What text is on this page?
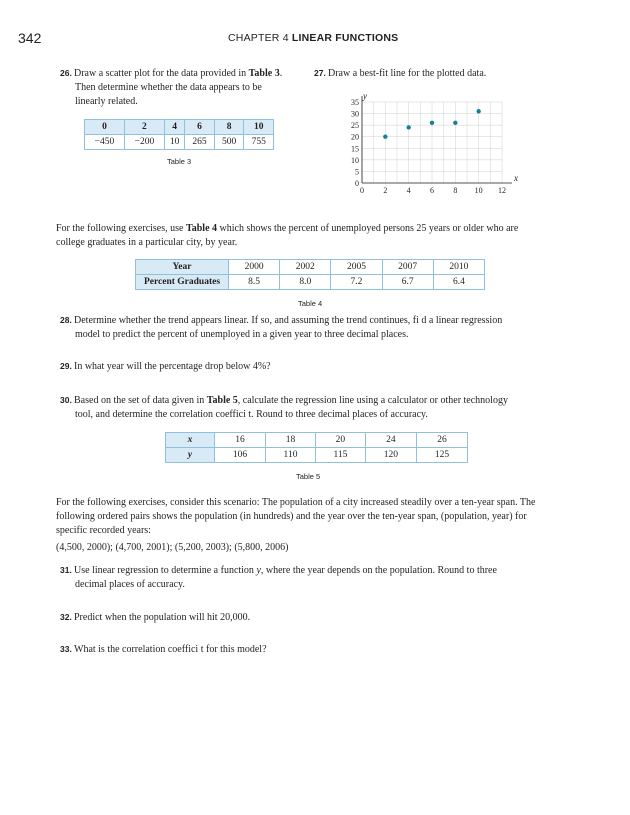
342	CHAPTER 4 LINEAR FUNCTIONS
26. Draw a scatter plot for the data provided in Table 3.
Then determine whether the data appears to be
linearly related.
0	2	4	6	8	10
−450	−200	10	265	500	755
Table 3
27. Draw a best-fit line for the plotted data.
0 2 4 6 8 10 12
0
5
10
15
20
25
30
35
x
y
For the following exercises, use Table 4 which shows the percent of unemployed persons 25 years or older who are
college graduates in a particular city, by year.
Year	2000	2002	2005	2007	2010
Percent Graduates	8.5	8.0	7.2	6.7	6.4
Table 4
28. Determine whether the trend appears linear. If so, and assuming the trend continues, fi d a linear regression
model to predict the percent of unemployed in a given year to three decimal places.
29. In what year will the percentage drop below 4%?
30. Based on the set of data given in Table 5, calculate the regression line using a calculator or other technology
tool, and determine the correlation coeffici t. Round to three decimal places of accuracy.
x	16	18	20	24	26
y	106	110	115	120	125
Table 5
For the following exercises, consider this scenario: The population of a city increased steadily over a ten-year span. The
following ordered pairs shows the population (in hundreds) and the year over the ten-year span, (population, year) for
specific recorded years:
(4,500, 2000); (4,700, 2001); (5,200, 2003); (5,800, 2006)
31. Use linear regression to determine a function y, where the year depends on the population. Round to three
decimal places of accuracy.
32. Predict when the population will hit 20,000.
33. What is the correlation coeffici t for this model?
